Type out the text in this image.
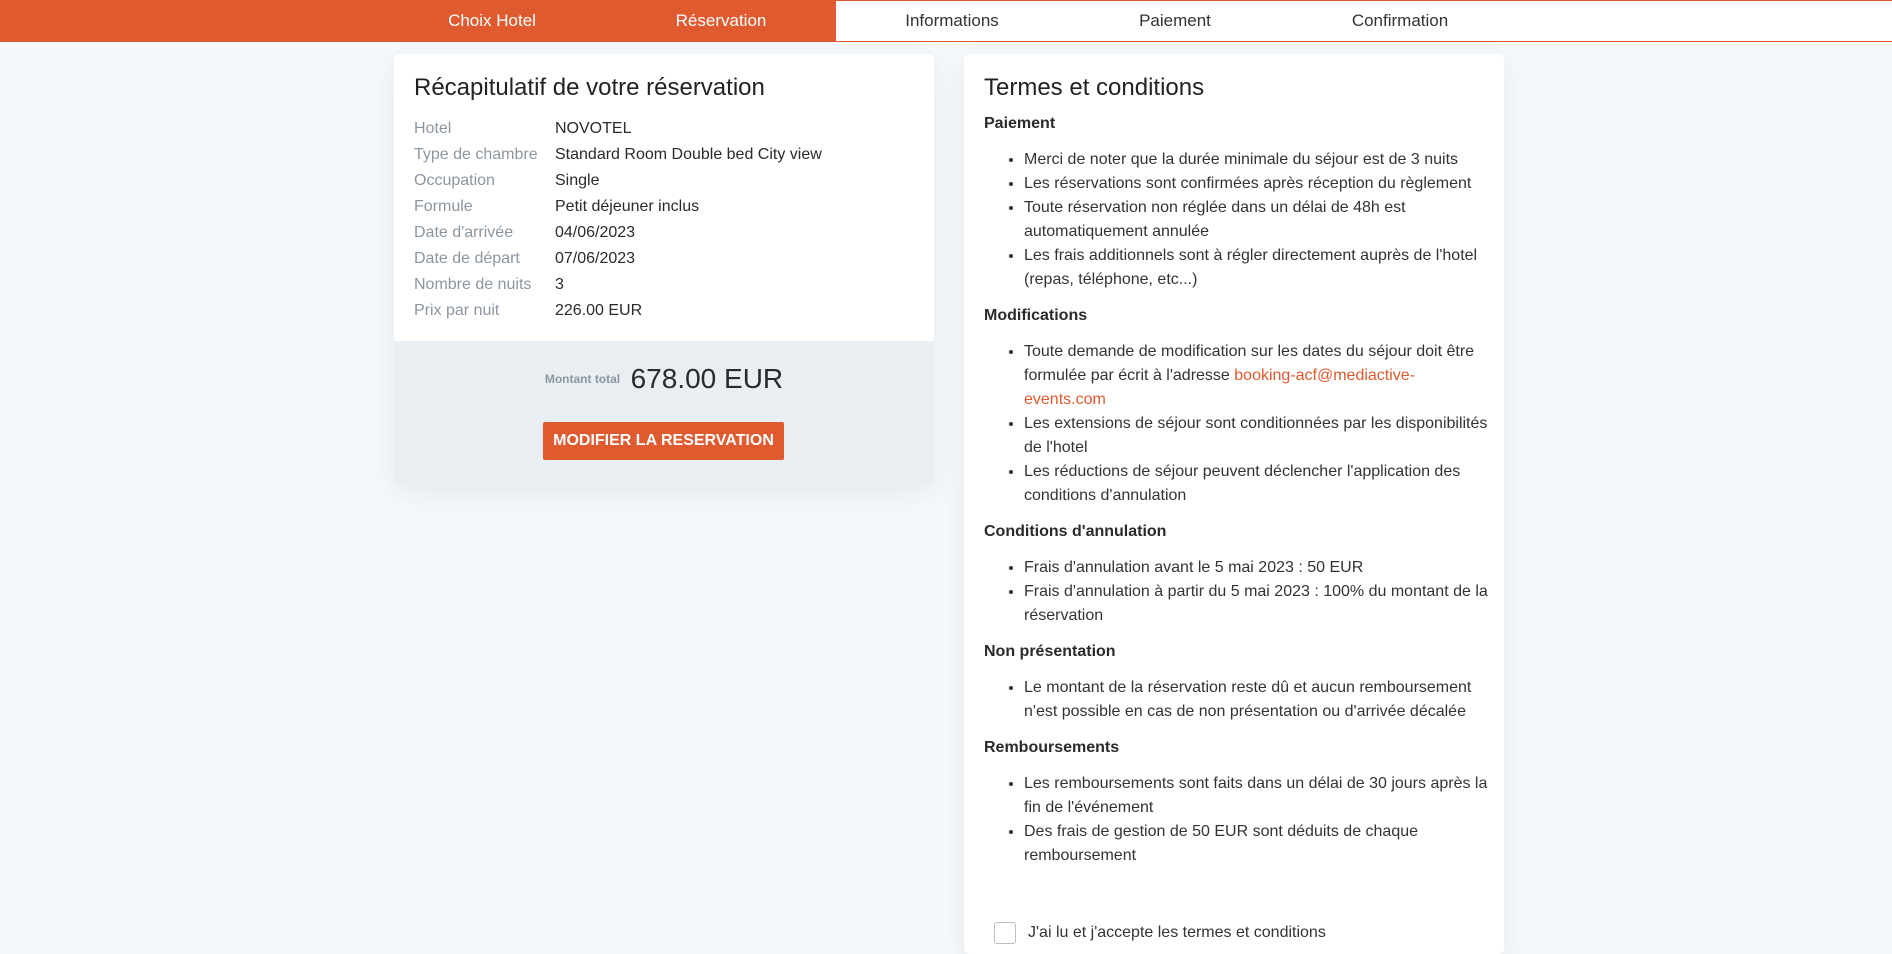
Choix Hotel	Réservation	Informations	Paiement	Confirmation
Récapitulatif de votre réservation
Hotel	NOVOTEL
Type de chambre	Standard Room Double bed City view
Occupation	Single
Formule	Petit déjeuner inclus
Date d'arrivée	04/06/2023
Date de départ	07/06/2023
Nombre de nuits	3
Prix par nuit	226.00 EUR
Montant total 678.00 EUR
MODIFIER LA RESERVATION
Termes et conditions
Paiement
• Merci de noter que la durée minimale du séjour est de 3 nuits
• Les réservations sont confirmées après réception du règlement
• Toute réservation non réglée dans un délai de 48h est automatiquement annulée
• Les frais additionnels sont à régler directement auprès de l'hotel (repas, téléphone, etc...)
Modifications
• Toute demande de modification sur les dates du séjour doit être formulée par écrit à l'adresse booking-acf@mediactive-events.com
• Les extensions de séjour sont conditionnées par les disponibilités de l'hotel
• Les réductions de séjour peuvent déclencher l'application des conditions d'annulation
Conditions d'annulation
• Frais d'annulation avant le 5 mai 2023 : 50 EUR
• Frais d'annulation à partir du 5 mai 2023 : 100% du montant de la réservation
Non présentation
• Le montant de la réservation reste dû et aucun remboursement n'est possible en cas de non présentation ou d'arrivée décalée
Remboursements
• Les remboursements sont faits dans un délai de 30 jours après la fin de l'événement
• Des frais de gestion de 50 EUR sont déduits de chaque remboursement
J'ai lu et j'accepte les termes et conditions
